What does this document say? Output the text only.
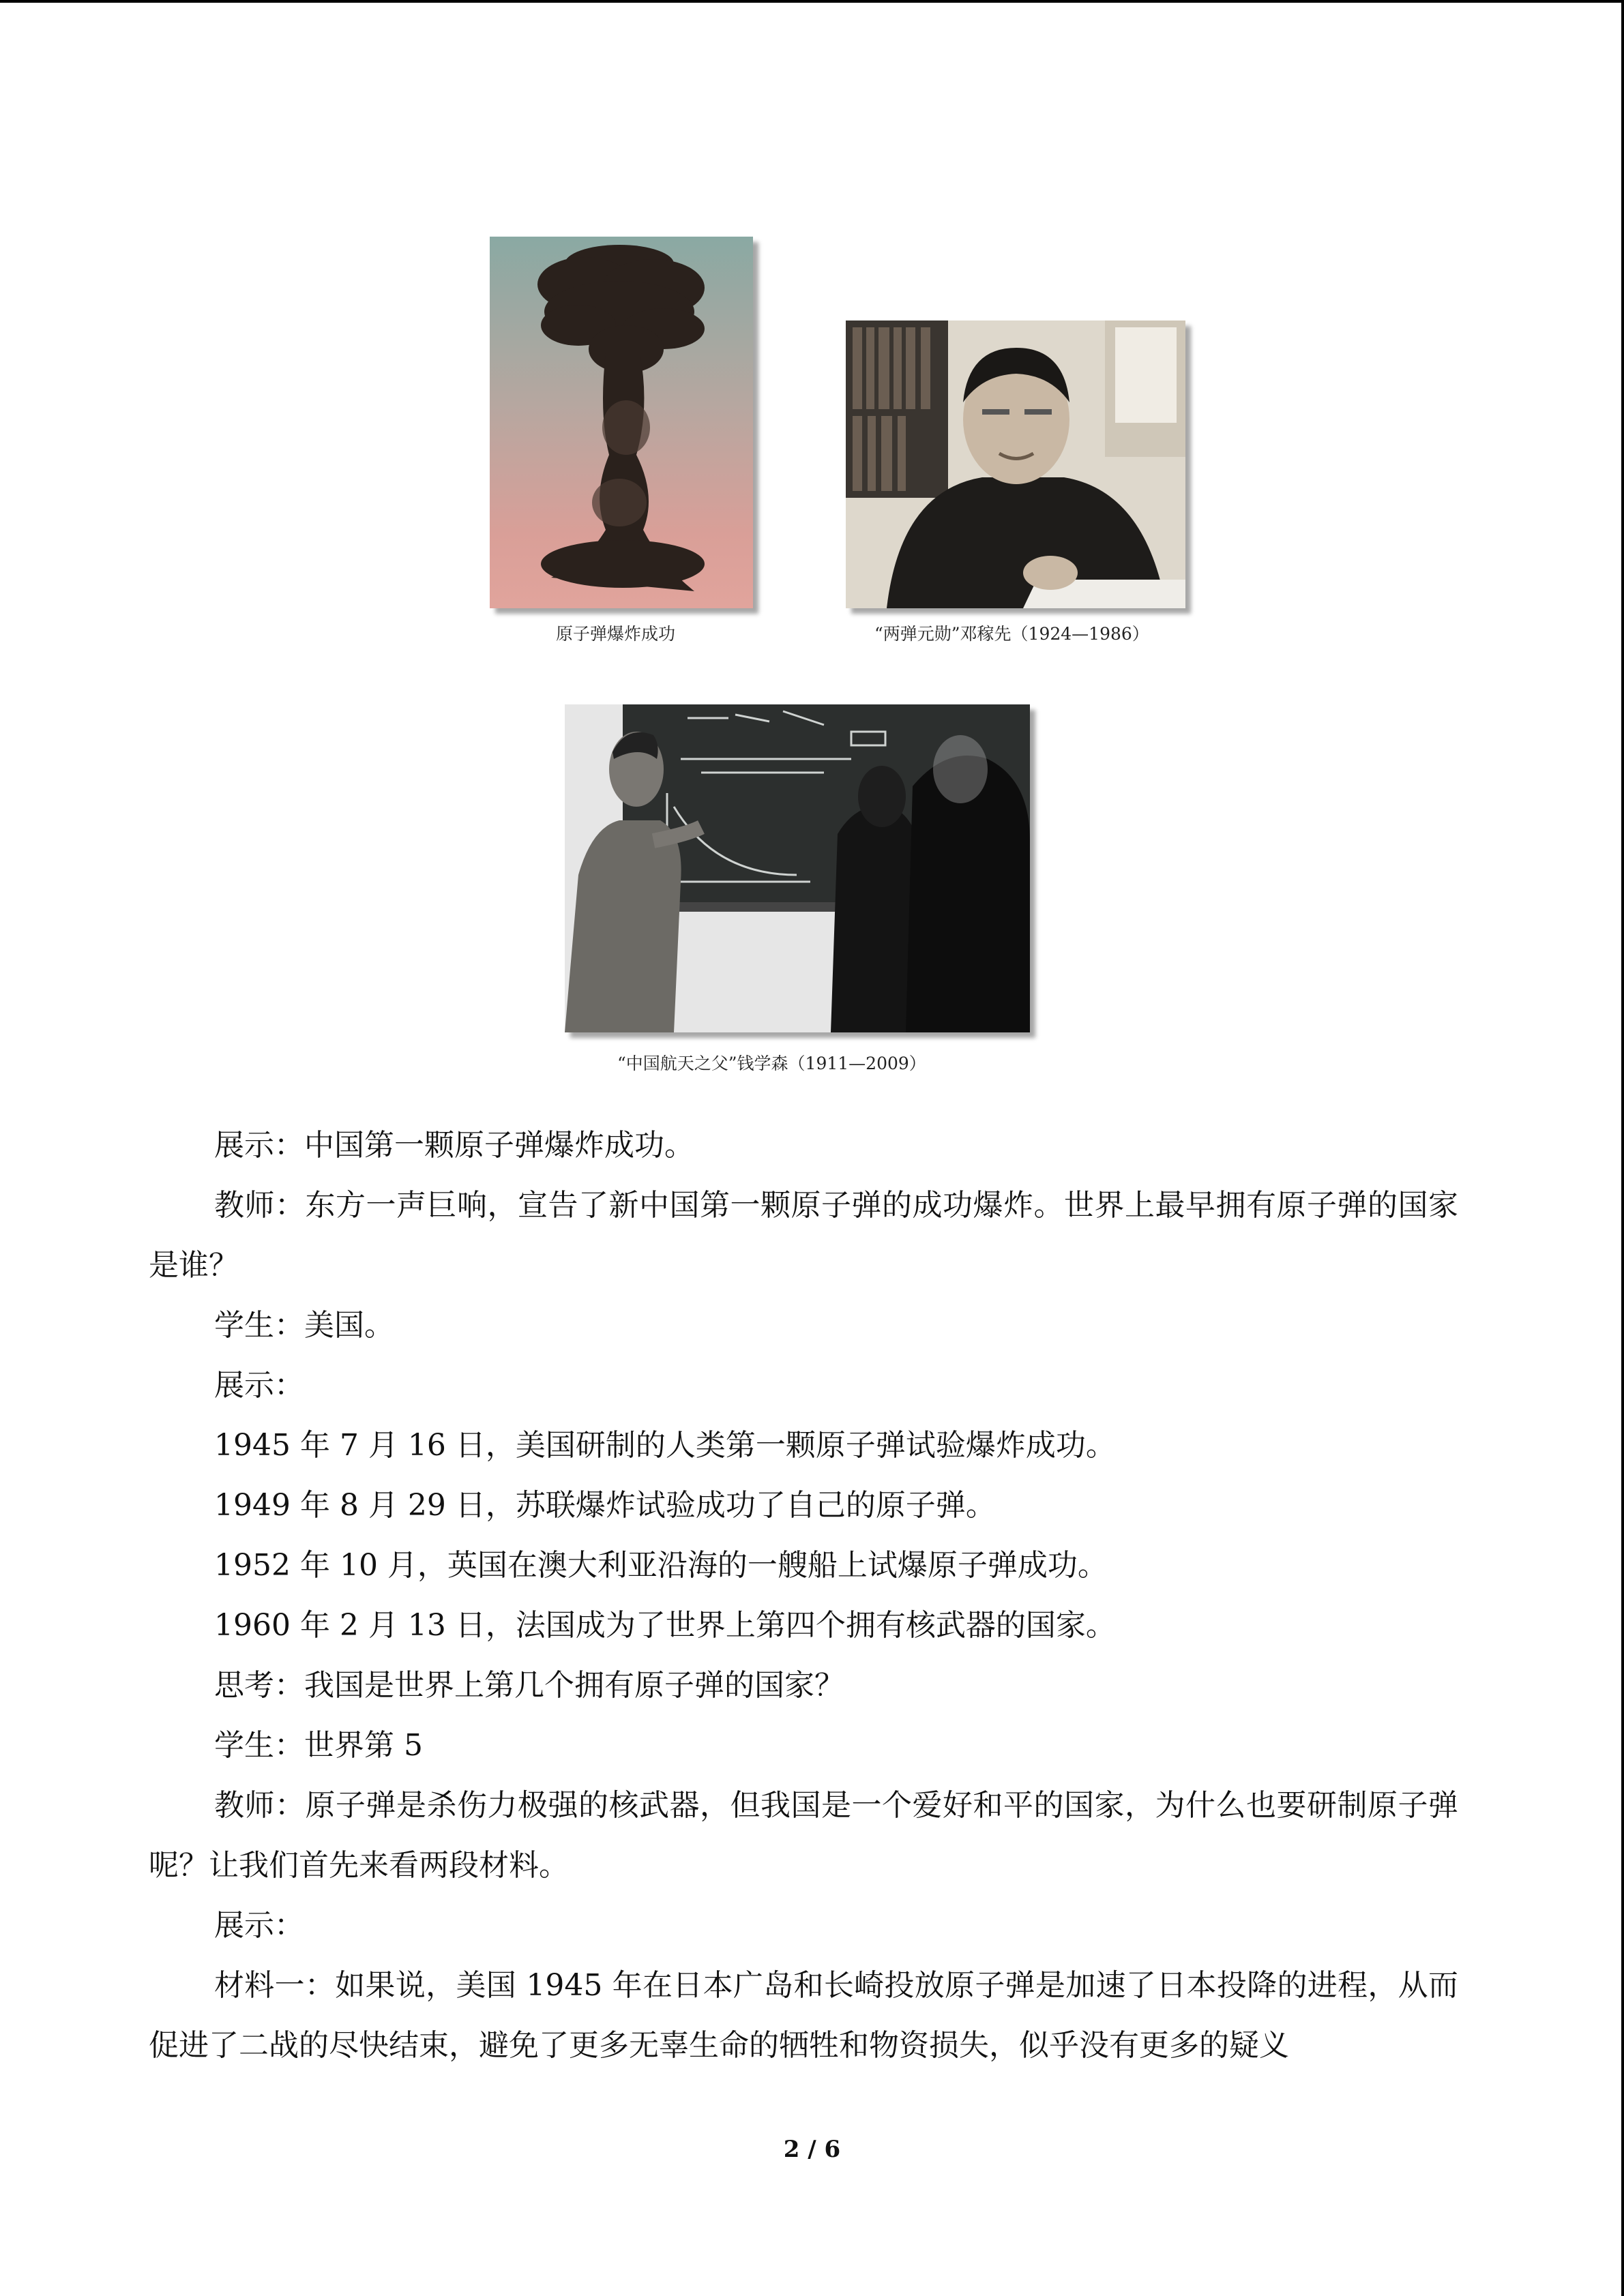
原子弹爆炸成功	“两弹元勋”邓稼先（1924—1986）
“中国航天之父”钱学森（1911—2009）

展示：中国第一颗原子弹爆炸成功。

教师：东方一声巨响，宣告了新中国第一颗原子弹的成功爆炸。世界上最早拥有原子弹的国家是谁？

学生：美国。

展示：

1945 年 7 月 16 日，美国研制的人类第一颗原子弹试验爆炸成功。

1949 年 8 月 29 日，苏联爆炸试验成功了自己的原子弹。

1952 年 10 月，英国在澳大利亚沿海的一艘船上试爆原子弹成功。

1960 年 2 月 13 日，法国成为了世界上第四个拥有核武器的国家。

思考：我国是世界上第几个拥有原子弹的国家？

学生：世界第 5

教师：原子弹是杀伤力极强的核武器，但我国是一个爱好和平的国家，为什么也要研制原子弹呢？让我们首先来看两段材料。

展示：

材料一：如果说，美国 1945 年在日本广岛和长崎投放原子弹是加速了日本投降的进程，从而促进了二战的尽快结束，避免了更多无辜生命的牺牲和物资损失，似乎没有更多的疑义

2 / 6
